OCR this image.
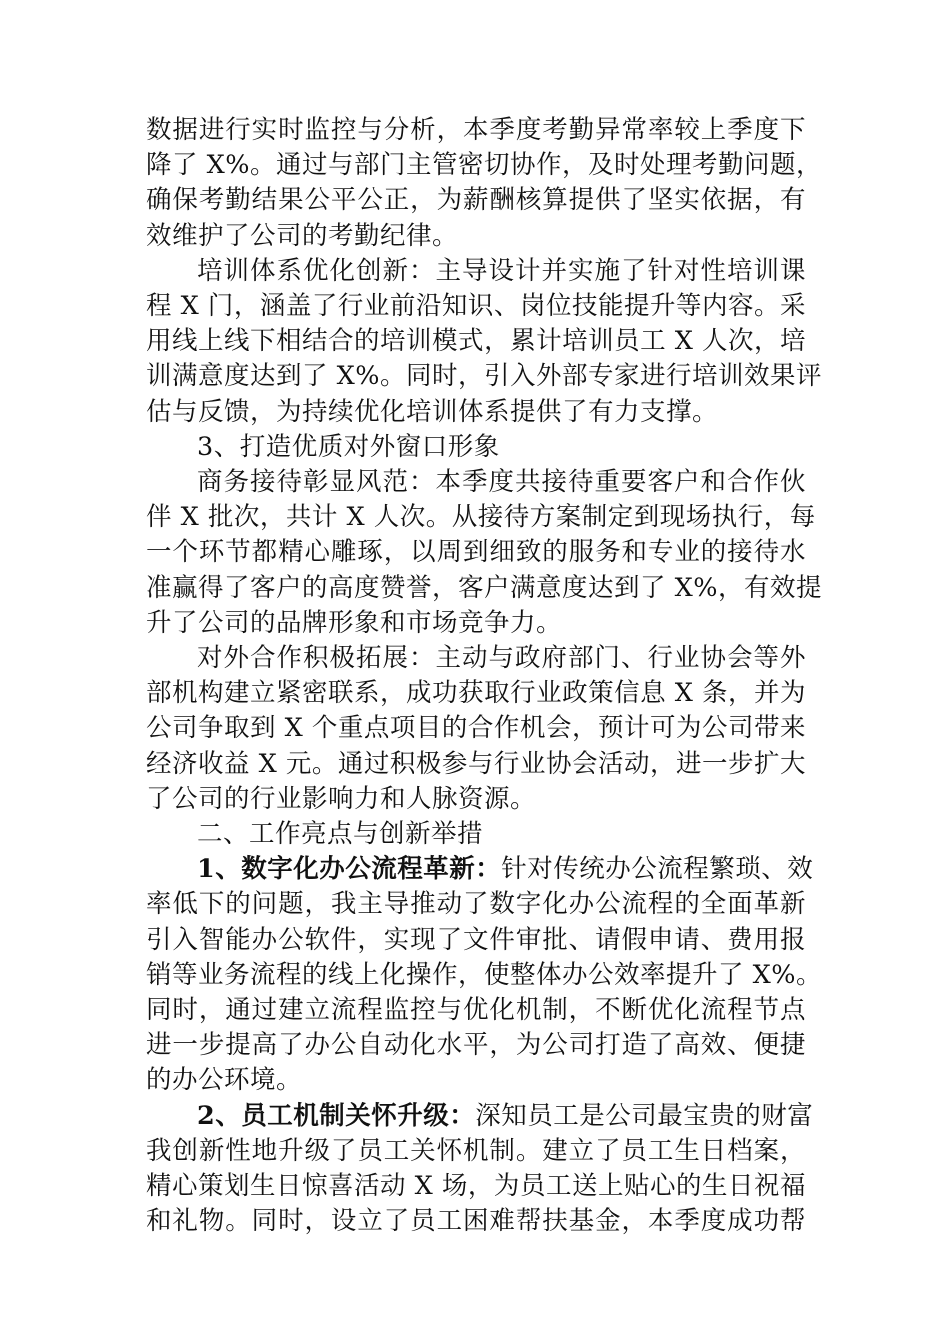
数据进行实时监控与分析，本季度考勤异常率较上季度下
降了 X%。通过与部门主管密切协作，及时处理考勤问题，
确保考勤结果公平公正，为薪酬核算提供了坚实依据，有
效维护了公司的考勤纪律。
培训体系优化创新：主导设计并实施了针对性培训课
程 X 门，涵盖了行业前沿知识、岗位技能提升等内容。采
用线上线下相结合的培训模式，累计培训员工 X 人次，培
训满意度达到了 X%。同时，引入外部专家进行培训效果评
估与反馈，为持续优化培训体系提供了有力支撑。
3、打造优质对外窗口形象
商务接待彰显风范：本季度共接待重要客户和合作伙
伴 X 批次，共计 X 人次。从接待方案制定到现场执行，每
一个环节都精心雕琢，以周到细致的服务和专业的接待水
准赢得了客户的高度赞誉，客户满意度达到了 X%，有效提
升了公司的品牌形象和市场竞争力。
对外合作积极拓展：主动与政府部门、行业协会等外
部机构建立紧密联系，成功获取行业政策信息 X 条，并为
公司争取到 X 个重点项目的合作机会，预计可为公司带来
经济收益 X 元。通过积极参与行业协会活动，进一步扩大
了公司的行业影响力和人脉资源。
二、工作亮点与创新举措
1、数字化办公流程革新：针对传统办公流程繁琐、效
率低下的问题，我主导推动了数字化办公流程的全面革新
引入智能办公软件，实现了文件审批、请假申请、费用报
销等业务流程的线上化操作，使整体办公效率提升了 X%。
同时，通过建立流程监控与优化机制，不断优化流程节点
进一步提高了办公自动化水平，为公司打造了高效、便捷
的办公环境。
2、员工机制关怀升级：深知员工是公司最宝贵的财富
我创新性地升级了员工关怀机制。建立了员工生日档案，
精心策划生日惊喜活动 X 场，为员工送上贴心的生日祝福
和礼物。同时，设立了员工困难帮扶基金，本季度成功帮
